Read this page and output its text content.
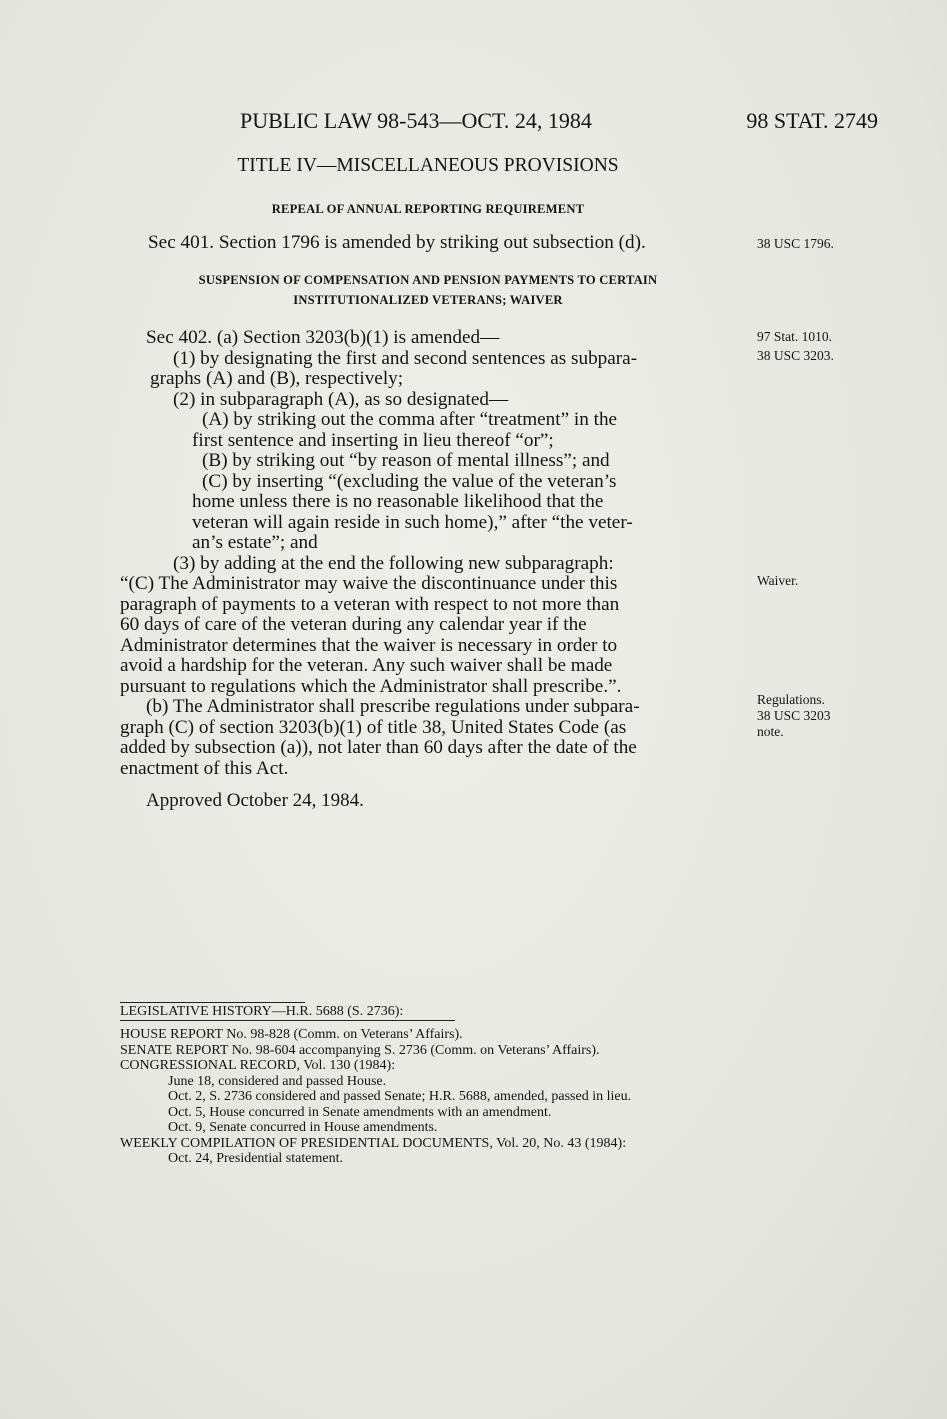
PUBLIC LAW 98-543—OCT. 24, 1984	98 STAT. 2749
TITLE IV—MISCELLANEOUS PROVISIONS
REPEAL OF ANNUAL REPORTING REQUIREMENT
Sec 401. Section 1796 is amended by striking out subsection (d).
SUSPENSION OF COMPENSATION AND PENSION PAYMENTS TO CERTAIN
INSTITUTIONALIZED VETERANS; WAIVER
Sec 402. (a) Section 3203(b)(1) is amended—
(1) by designating the first and second sentences as subpara-
graphs (A) and (B), respectively;
(2) in subparagraph (A), as so designated—
(A) by striking out the comma after “treatment” in the
first sentence and inserting in lieu thereof “or”;
(B) by striking out “by reason of mental illness”; and
(C) by inserting “(excluding the value of the veteran’s
home unless there is no reasonable likelihood that the
veteran will again reside in such home),” after “the veter-
an’s estate”; and
(3) by adding at the end the following new subparagraph:
“(C) The Administrator may waive the discontinuance under this
paragraph of payments to a veteran with respect to not more than
60 days of care of the veteran during any calendar year if the
Administrator determines that the waiver is necessary in order to
avoid a hardship for the veteran. Any such waiver shall be made
pursuant to regulations which the Administrator shall prescribe.”.
(b) The Administrator shall prescribe regulations under subpara-
graph (C) of section 3203(b)(1) of title 38, United States Code (as
added by subsection (a)), not later than 60 days after the date of the
enactment of this Act.
38 USC 1796.
97 Stat. 1010.
38 USC 3203.
Waiver.
Regulations.
38 USC 3203
note.
Approved October 24, 1984.
LEGISLATIVE HISTORY—H.R. 5688 (S. 2736):
HOUSE REPORT No. 98-828 (Comm. on Veterans’ Affairs).
SENATE REPORT No. 98-604 accompanying S. 2736 (Comm. on Veterans’ Affairs).
CONGRESSIONAL RECORD, Vol. 130 (1984):
June 18, considered and passed House.
Oct. 2, S. 2736 considered and passed Senate; H.R. 5688, amended, passed in lieu.
Oct. 5, House concurred in Senate amendments with an amendment.
Oct. 9, Senate concurred in House amendments.
WEEKLY COMPILATION OF PRESIDENTIAL DOCUMENTS, Vol. 20, No. 43 (1984):
Oct. 24, Presidential statement.
